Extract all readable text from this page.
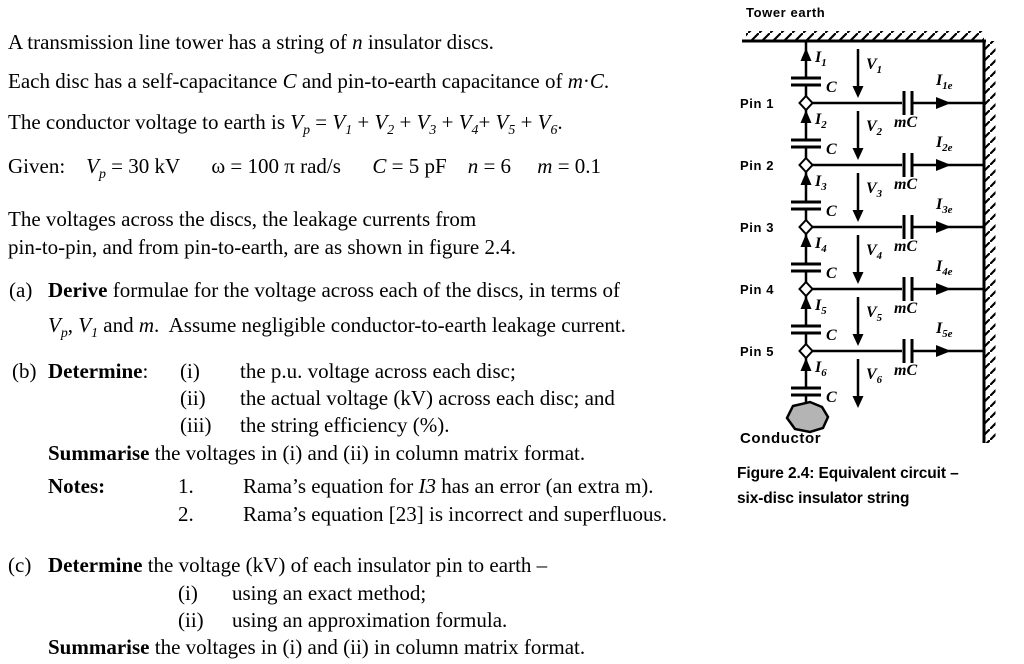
A transmission line tower has a string of n insulator discs.

Each disc has a self-capacitance C and pin-to-earth capacitance of m·C.

The conductor voltage to earth is $V_p = V_1 + V_2 + V_3 + V_4+ V_5 + V_6$.

Given:    $V_p = 30$ kV      ω = 100 π rad/s      C = 5 pF    n = 6     m = 0.1

The voltages across the discs, the leakage currents from

pin-to-pin, and from pin-to-earth, are as shown in figure 2.4.

(a) Derive formulae for the voltage across each of the discs, in terms of

$V_p$, $V_1$ and m.  Assume negligible conductor-to-earth leakage current.

(b) Determine: (i) the p.u. voltage across each disc;

(ii) the actual voltage (kV) across each disc; and

(iii) the string efficiency (%).

Summarise the voltages in (i) and (ii) in column matrix format.

Notes:	1. Rama’s equation for I3 has an error (an extra m).

2. Rama’s equation [23] is incorrect and superfluous.

(c) Determine the voltage (kV) of each insulator pin to earth –

(i) using an exact method;

(ii) using an approximation formula.

Summarise the voltages in (i) and (ii) in column matrix format.

Tower earth
$I_1$
C
$V_1$
$I_2$
C
$V_2$
$I_3$
C
$V_3$
$I_4$
C
$V_4$
$I_5$
C
$V_5$
$I_6$
C
$V_6$
Pin 1
$I_{1e}$
mC
Pin 2
$I_{2e}$
mC
Pin 3
$I_{3e}$
mC
Pin 4
$I_{4e}$
mC
Pin 5
$I_{5e}$
mC
Conductor
Figure 2.4: Equivalent circuit –
six-disc insulator string
